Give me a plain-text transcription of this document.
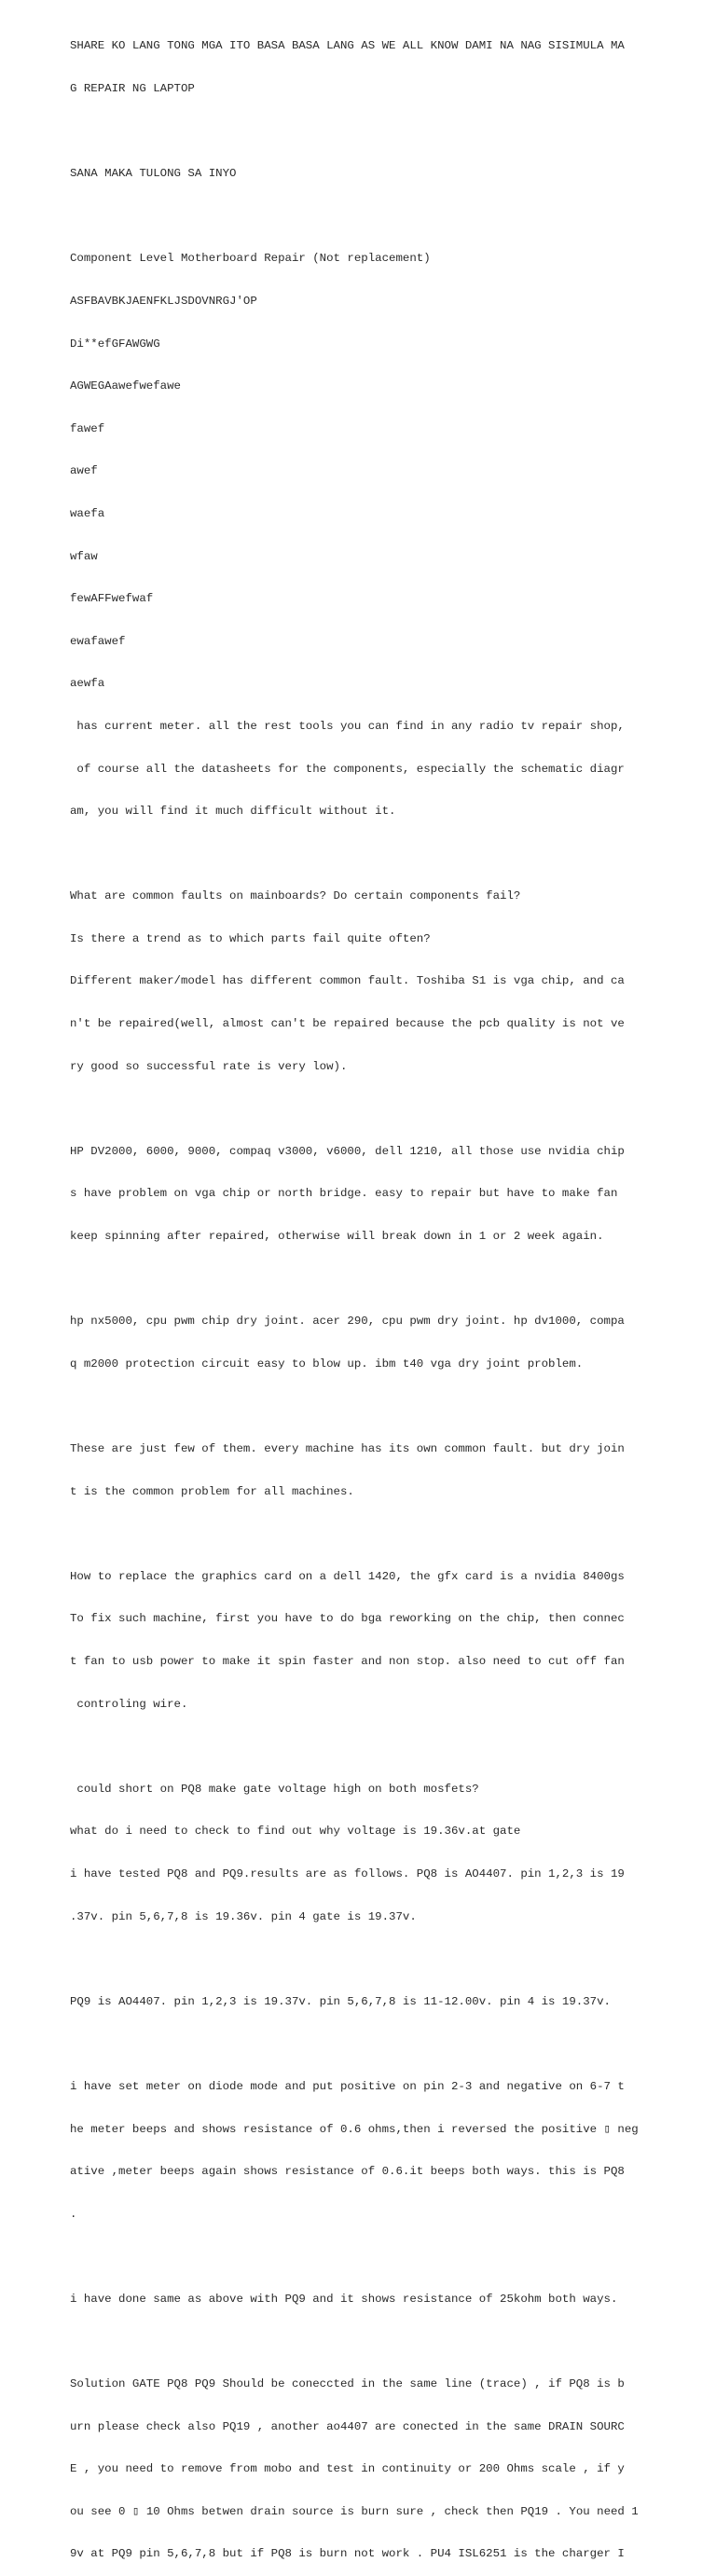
SHARE KO LANG TONG MGA ITO BASA BASA LANG AS WE ALL KNOW DAMI NA NAG SISIMULA MA

G REPAIR NG LAPTOP

SANA MAKA TULONG SA INYO

Component Level Motherboard Repair (Not replacement)

ASFBAVBKJAENFKLJSDOVNRGJ'OP

Di**efGFAWGWG

AGWEGAawefwefawe

fawef

awef

waefa

wfaw

fewAFFwefwaf

ewafawef

aewfa

has current meter. all the rest tools you can find in any radio tv repair shop,

of course all the datasheets for the components, especially the schematic diagr

am, you will find it much difficult without it.

What are common faults on mainboards? Do certain components fail?

Is there a trend as to which parts fail quite often?

Different maker/model has different common fault. Toshiba S1 is vga chip, and ca

n't be repaired(well, almost can't be repaired because the pcb quality is not ve

ry good so successful rate is very low).

HP DV2000, 6000, 9000, compaq v3000, v6000, dell 1210, all those use nvidia chip

s have problem on vga chip or north bridge. easy to repair but have to make fan

keep spinning after repaired, otherwise will break down in 1 or 2 week again.

hp nx5000, cpu pwm chip dry joint. acer 290, cpu pwm dry joint. hp dv1000, compa

q m2000 protection circuit easy to blow up. ibm t40 vga dry joint problem.

These are just few of them. every machine has its own common fault. but dry join

t is the common problem for all machines.

How to replace the graphics card on a dell 1420, the gfx card is a nvidia 8400gs

To fix such machine, first you have to do bga reworking on the chip, then connec

t fan to usb power to make it spin faster and non stop. also need to cut off fan

controling wire.

could short on PQ8 make gate voltage high on both mosfets?

what do i need to check to find out why voltage is 19.36v.at gate

i have tested PQ8 and PQ9.results are as follows. PQ8 is AO4407. pin 1,2,3 is 19

.37v. pin 5,6,7,8 is 19.36v. pin 4 gate is 19.37v.

PQ9 is AO4407. pin 1,2,3 is 19.37v. pin 5,6,7,8 is 11-12.00v. pin 4 is 19.37v.

i have set meter on diode mode and put positive on pin 2-3 and negative on 6-7 t

he meter beeps and shows resistance of 0.6 ohms,then i reversed the positive ▯ neg

ative ,meter beeps again shows resistance of 0.6.it beeps both ways. this is PQ8

.

i have done same as above with PQ9 and it shows resistance of 25kohm both ways.

Solution GATE PQ8 PQ9 Should be coneccted in the same line (trace) , if PQ8 is b

urn please check also PQ19 , another ao4407 are conected in the same DRAIN SOURC

E , you need to remove from mobo and test in continuity or 200 Ohms scale , if y

ou see 0 ▯ 10 Ohms betwen drain source is burn sure , check then PQ19 . You need 1

9v at PQ9 pin 5,6,7,8 but if PQ8 is burn not work . PU4 ISL6251 is the charger I
